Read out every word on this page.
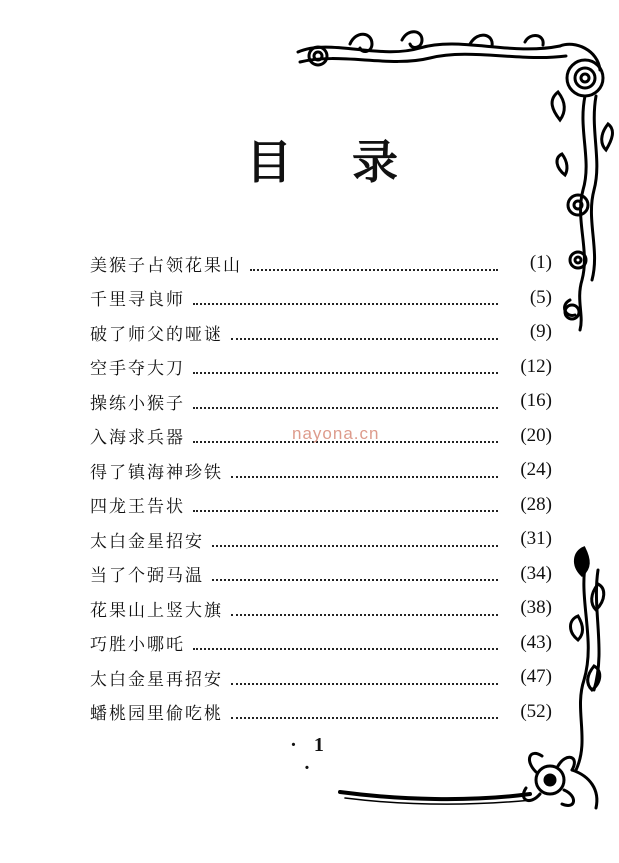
目 录
美猴子占领花果山	(1)
千里寻良师	(5)
破了师父的哑谜	(9)
空手夺大刀	(12)
操练小猴子	(16)
入海求兵器	(20)
得了镇海神珍铁	(24)
四龙王告状	(28)
太白金星招安	(31)
当了个弼马温	(34)
花果山上竖大旗	(38)
巧胜小哪吒	(43)
太白金星再招安	(47)
蟠桃园里偷吃桃	(52)
nayona.cn
· 1 ·
